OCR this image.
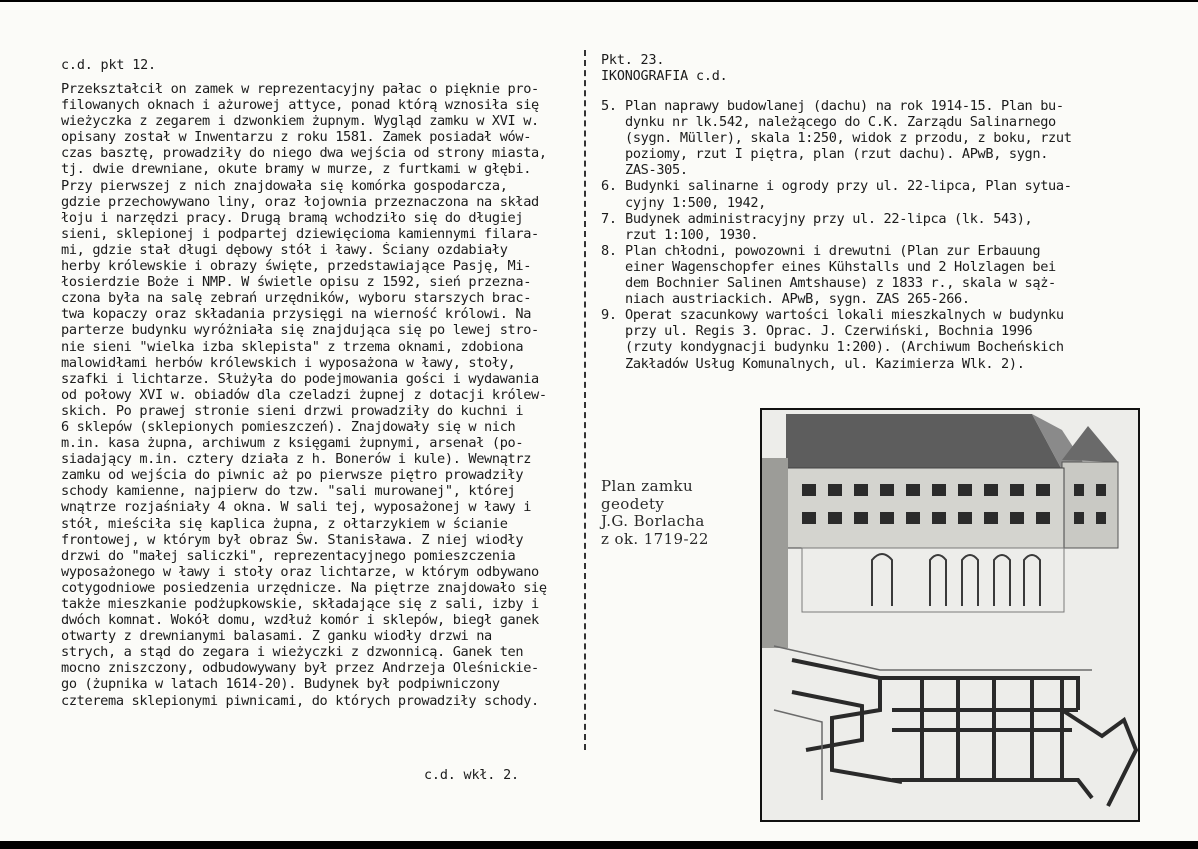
c.d. pkt 12.

Przekształcił on zamek w reprezentacyjny pałac o pięknie pro-
filowanych oknach i ażurowej attyce, ponad którą wznosiła się
wieżyczka z zegarem i dzwonkiem żupnym. Wygląd zamku w XVI w.
opisany został w Inwentarzu z roku 1581. Zamek posiadał wów-
czas basztę, prowadziły do niego dwa wejścia od strony miasta,
tj. dwie drewniane, okute bramy w murze, z furtkami w głębi.
Przy pierwszej z nich znajdowała się komórka gospodarcza,
gdzie przechowywano liny, oraz łojownia przeznaczona na skład
łoju i narzędzi pracy. Drugą bramą wchodziło się do długiej
sieni, sklepionej i podpartej dziewięcioma kamiennymi filara-
mi, gdzie stał długi dębowy stół i ławy. Ściany ozdabiały
herby królewskie i obrazy święte, przedstawiające Pasję, Mi-
łosierdzie Boże i NMP. W świetle opisu z 1592, sień przezna-
czona była na salę zebrań urzędników, wyboru starszych brac-
twa kopaczy oraz składania przysięgi na wierność królowi. Na
parterze budynku wyróżniała się znajdująca się po lewej stro-
nie sieni "wielka izba sklepista" z trzema oknami, zdobiona
malowidłami herbów królewskich i wyposażona w ławy, stoły,
szafki i lichtarze. Służyła do podejmowania gości i wydawania
od połowy XVI w. obiadów dla czeladzi żupnej z dotacji królew-
skich. Po prawej stronie sieni drzwi prowadziły do kuchni i
6 sklepów (sklepionych pomieszczeń). Znajdowały się w nich
m.in. kasa żupna, archiwum z księgami żupnymi, arsenał (po-
siadający m.in. cztery działa z h. Bonerów i kule). Wewnątrz
zamku od wejścia do piwnic aż po pierwsze piętro prowadziły
schody kamienne, najpierw do tzw. "sali murowanej", której
wnątrze rozjaśniały 4 okna. W sali tej, wyposażonej w ławy i
stół, mieściła się kaplica żupna, z ołtarzykiem w ścianie
frontowej, w którym był obraz Św. Stanisława. Z niej wiodły
drzwi do "małej saliczki", reprezentacyjnego pomieszczenia
wyposażonego w ławy i stoły oraz lichtarze, w którym odbywano
cotygodniowe posiedzenia urzędnicze. Na piętrze znajdowało się
także mieszkanie podżupkowskie, składające się z sali, izby i
dwóch komnat. Wokół domu, wzdłuż komór i sklepów, biegł ganek
otwarty z drewnianymi balasami. Z ganku wiodły drzwi na
strych, a stąd do zegara i wieżyczki z dzwonnicą. Ganek ten
mocno zniszczony, odbudowywany był przez Andrzeja Oleśnickie-
go (żupnika w latach 1614-20). Budynek był podpiwniczony
czterema sklepionymi piwnicami, do których prowadziły schody.

c.d. wkł. 2.

Pkt. 23.

IKONOGRAFIA c.d.

5. Plan naprawy budowlanej (dachu) na rok 1914-15. Plan bu-
dynku nr lk.542, należącego do C.K. Zarządu Salinarnego
(sygn. Müller), skala 1:250, widok z przodu, z boku, rzut
poziomy, rzut I piętra, plan (rzut dachu). APwB, sygn.
ZAS-305.
6. Budynki salinarne i ogrody przy ul. 22-lipca, Plan sytua-
cyjny 1:500, 1942,
7. Budynek administracyjny przy ul. 22-lipca (lk. 543),
rzut 1:100, 1930.
8. Plan chłodni, powozowni i drewutni (Plan zur Erbauung
einer Wagenschopfer eines Kühstalls und 2 Holzlagen bei
dem Bochnier Salinen Amtshause) z 1833 r., skala w sąż-
niach austriackich. APwB, sygn. ZAS 265-266.
9. Operat szacunkowy wartości lokali mieszkalnych w budynku
przy ul. Regis 3. Oprac. J. Czerwiński, Bochnia 1996
(rzuty kondygnacji budynku 1:200). (Archiwum Bocheńskich
Zakładów Usług Komunalnych, ul. Kazimierza Wlk. 2).
Plan zamku
geodety
J.G. Borlacha
z ok. 1719-22
